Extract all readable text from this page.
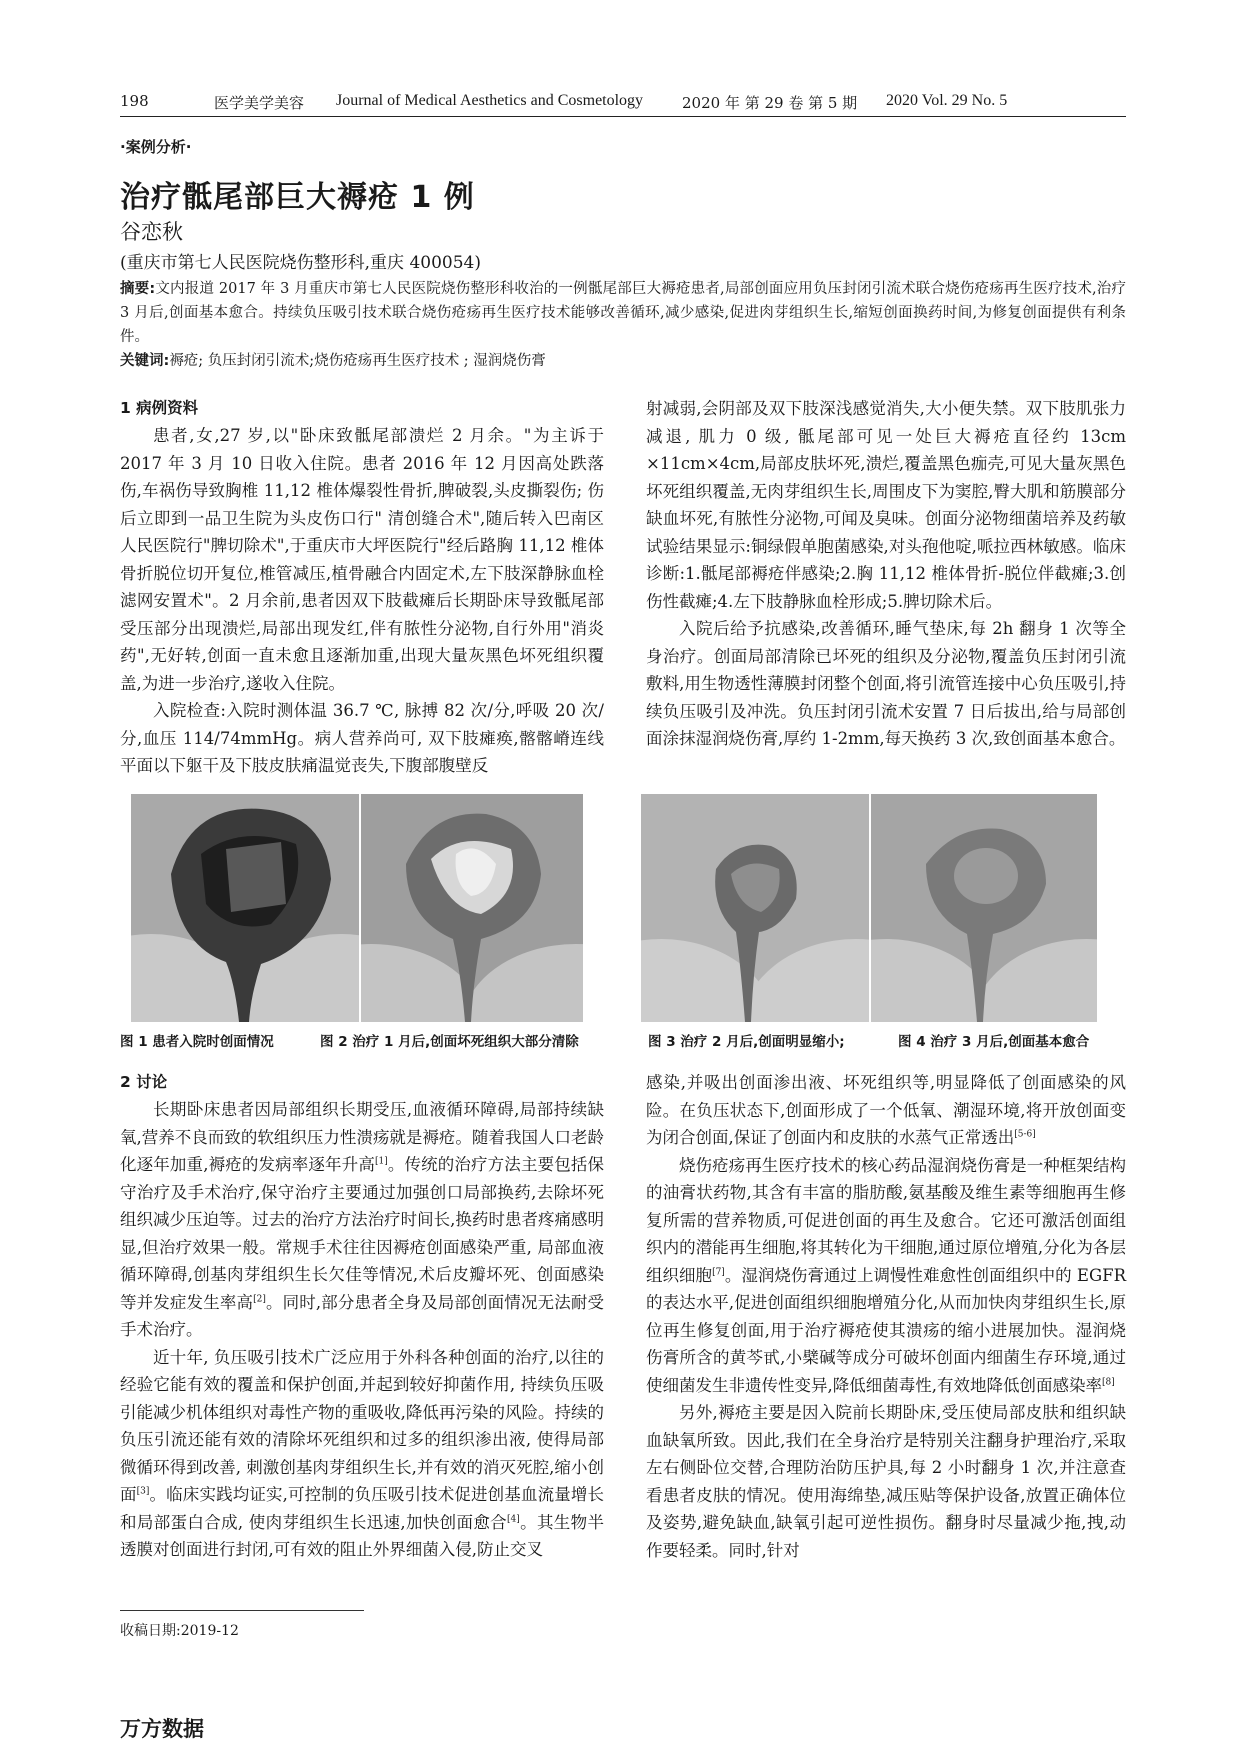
198	医学美学美容 Journal of Medical Aesthetics and Cosmetology	2020 年 第 29 卷 第 5 期 2020 Vol. 29 No. 5
·案例分析·
治疗骶尾部巨大褥疮 1 例
谷恋秋
(重庆市第七人民医院烧伤整形科,重庆 400054)
摘要:文内报道 2017 年 3 月重庆市第七人民医院烧伤整形科收治的一例骶尾部巨大褥疮患者,局部创面应用负压封闭引流术联合烧伤疮疡再生医疗技术,治疗 3 月后,创面基本愈合。持续负压吸引技术联合烧伤疮疡再生医疗技术能够改善循环,减少感染,促进肉芽组织生长,缩短创面换药时间,为修复创面提供有利条件。
关键词:褥疮; 负压封闭引流术;烧伤疮疡再生医疗技术 ; 湿润烧伤膏
1 病例资料

患者,女,27 岁,以"卧床致骶尾部溃烂 2 月余。"为主诉于 2017 年 3 月 10 日收入住院。患者 2016 年 12 月因高处跌落伤,车祸伤导致胸椎 11,12 椎体爆裂性骨折,脾破裂,头皮撕裂伤; 伤后立即到一品卫生院为头皮伤口行" 清创缝合术",随后转入巴南区人民医院行"脾切除术",于重庆市大坪医院行"经后路胸 11,12 椎体骨折脱位切开复位,椎管减压,植骨融合内固定术,左下肢深静脉血栓滤网安置术"。2 月余前,患者因双下肢截瘫后长期卧床导致骶尾部受压部分出现溃烂,局部出现发红,伴有脓性分泌物,自行外用"消炎药",无好转,创面一直未愈且逐渐加重,出现大量灰黑色坏死组织覆盖,为进一步治疗,遂收入住院。

入院检查:入院时测体温 36.7 ℃, 脉搏 82 次/分,呼吸 20 次/分,血压 114/74mmHg。病人营养尚可, 双下肢瘫痪,髂髂嵴连线平面以下躯干及下肢皮肤痛温觉丧失,下腹部腹壁反

射减弱,会阴部及双下肢深浅感觉消失,大小便失禁。双下肢肌张力减退, 肌力 0 级, 骶尾部可见一处巨大褥疮直径约 13cm ×11cm×4cm,局部皮肤坏死,溃烂,覆盖黑色痂壳,可见大量灰黑色坏死组织覆盖,无肉芽组织生长,周围皮下为窦腔,臀大肌和筋膜部分缺血坏死,有脓性分泌物,可闻及臭味。创面分泌物细菌培养及药敏试验结果显示:铜绿假单胞菌感染,对头孢他啶,哌拉西林敏感。临床诊断:1.骶尾部褥疮伴感染;2.胸 11,12 椎体骨折-脱位伴截瘫;3.创伤性截瘫;4.左下肢静脉血栓形成;5.脾切除术后。

入院后给予抗感染,改善循环,睡气垫床,每 2h 翻身 1 次等全身治疗。创面局部清除已坏死的组织及分泌物,覆盖负压封闭引流敷料,用生物透性薄膜封闭整个创面,将引流管连接中心负压吸引,持续负压吸引及冲洗。负压封闭引流术安置 7 日后拔出,给与局部创面涂抹湿润烧伤膏,厚约 1-2mm,每天换药 3 次,致创面基本愈合。

图 1 患者入院时创面情况	图 2 治疗 1 月后,创面坏死组织大部分清除	图 3 治疗 2 月后,创面明显缩小;	图 4 治疗 3 月后,创面基本愈合
2 讨论

长期卧床患者因局部组织长期受压,血液循环障碍,局部持续缺氧,营养不良而致的软组织压力性溃疡就是褥疮。随着我国人口老龄化逐年加重,褥疮的发病率逐年升高[1]。传统的治疗方法主要包括保守治疗及手术治疗,保守治疗主要通过加强创口局部换药,去除坏死组织减少压迫等。过去的治疗方法治疗时间长,换药时患者疼痛感明显,但治疗效果一般。常规手术往往因褥疮创面感染严重, 局部血液循环障碍,创基肉芽组织生长欠佳等情况,术后皮瓣坏死、创面感染等并发症发生率高[2]。同时,部分患者全身及局部创面情况无法耐受手术治疗。

近十年, 负压吸引技术广泛应用于外科各种创面的治疗,以往的经验它能有效的覆盖和保护创面,并起到较好抑菌作用, 持续负压吸引能减少机体组织对毒性产物的重吸收,降低再污染的风险。持续的负压引流还能有效的清除坏死组织和过多的组织渗出液, 使得局部微循环得到改善, 刺激创基肉芽组织生长,并有效的消灭死腔,缩小创面[3]。临床实践均证实,可控制的负压吸引技术促进创基血流量增长和局部蛋白合成, 使肉芽组织生长迅速,加快创面愈合[4]。其生物半透膜对创面进行封闭,可有效的阻止外界细菌入侵,防止交叉

感染,并吸出创面渗出液、坏死组织等,明显降低了创面感染的风险。在负压状态下,创面形成了一个低氧、潮湿环境,将开放创面变为闭合创面,保证了创面内和皮肤的水蒸气正常透出[5-6]

烧伤疮疡再生医疗技术的核心药品湿润烧伤膏是一种框架结构的油膏状药物,其含有丰富的脂肪酸,氨基酸及维生素等细胞再生修复所需的营养物质,可促进创面的再生及愈合。它还可激活创面组织内的潜能再生细胞,将其转化为干细胞,通过原位增殖,分化为各层组织细胞[7]。湿润烧伤膏通过上调慢性难愈性创面组织中的 EGFR 的表达水平,促进创面组织细胞增殖分化,从而加快肉芽组织生长,原位再生修复创面,用于治疗褥疮使其溃疡的缩小进展加快。湿润烧伤膏所含的黄芩甙,小檗碱等成分可破坏创面内细菌生存环境,通过使细菌发生非遗传性变异,降低细菌毒性,有效地降低创面感染率[8]

另外,褥疮主要是因入院前长期卧床,受压使局部皮肤和组织缺血缺氧所致。因此,我们在全身治疗是特别关注翻身护理治疗,采取左右侧卧位交替,合理防治防压护具,每 2 小时翻身 1 次,并注意查看患者皮肤的情况。使用海绵垫,减压贴等保护设备,放置正确体位及姿势,避免缺血,缺氧引起可逆性损伤。翻身时尽量减少拖,拽,动作要轻柔。同时,针对

收稿日期:2019-12
万方数据
